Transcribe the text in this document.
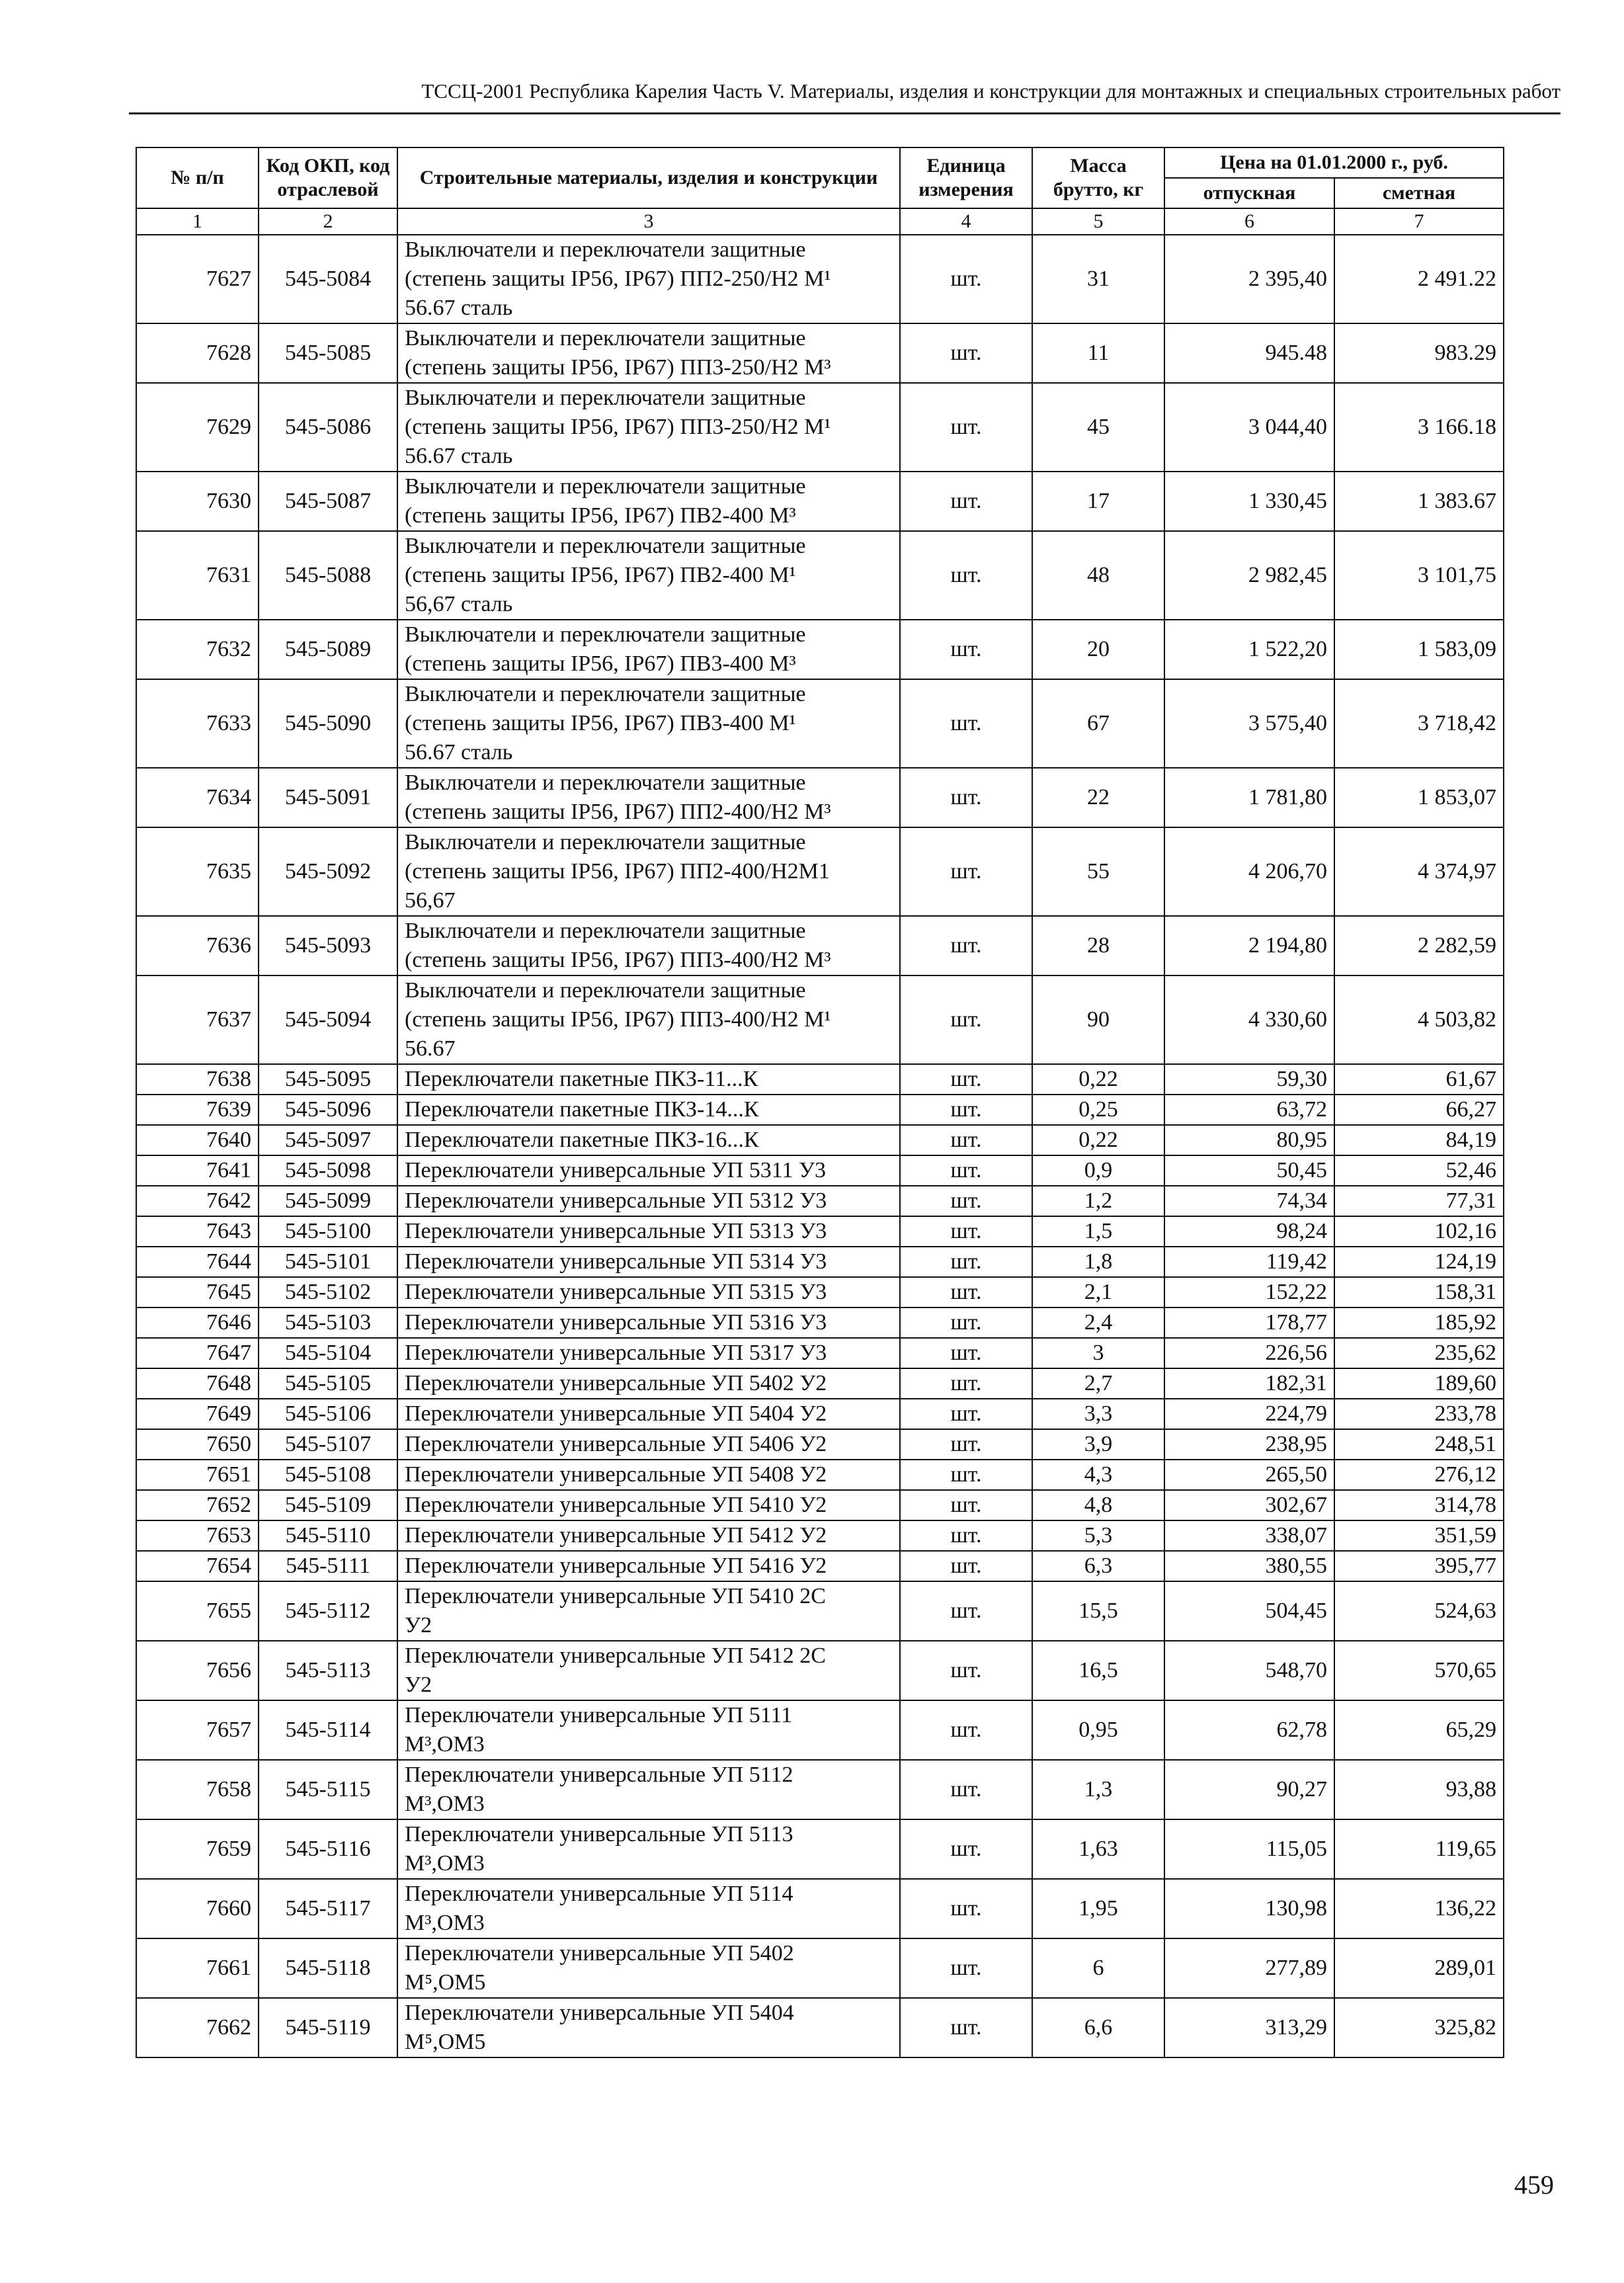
ТССЦ-2001 Республика Карелия Часть V. Материалы, изделия и конструкции для монтажных и специальных строительных работ
№ п/п	Код ОКП, код отраслевой	Строительные материалы, изделия и конструкции	Единица измерения	Масса брутто, кг	Цена на 01.01.2000 г., руб.	
					отпускная	сметная
1	2	3	4	5	6	7
7627	545-5084	Выключатели и переключатели защитные
(степень защиты IP56, IP67) ПП2-250/Н2 М¹
56.67 сталь	шт.	31	2 395,40	2 491.22
7628	545-5085	Выключатели и переключатели защитные
(степень защиты IP56, IP67) ПП3-250/Н2 М³	шт.	11	945.48	983.29
7629	545-5086	Выключатели и переключатели защитные
(степень защиты IP56, IP67) ПП3-250/Н2 М¹
56.67 сталь	шт.	45	3 044,40	3 166.18
7630	545-5087	Выключатели и переключатели защитные
(степень защиты IP56, IP67) ПВ2-400 М³	шт.	17	1 330,45	1 383.67
7631	545-5088	Выключатели и переключатели защитные
(степень защиты IP56, IP67) ПВ2-400 М¹
56,67 сталь	шт.	48	2 982,45	3 101,75
7632	545-5089	Выключатели и переключатели защитные
(степень защиты IP56, IP67) ПВ3-400 М³	шт.	20	1 522,20	1 583,09
7633	545-5090	Выключатели и переключатели защитные
(степень защиты IP56, IP67) ПВ3-400 М¹
56.67 сталь	шт.	67	3 575,40	3 718,42
7634	545-5091	Выключатели и переключатели защитные
(степень защиты IP56, IP67) ПП2-400/Н2 М³	шт.	22	1 781,80	1 853,07
7635	545-5092	Выключатели и переключатели защитные
(степень защиты IP56, IP67) ПП2-400/Н2М1
56,67	шт.	55	4 206,70	4 374,97
7636	545-5093	Выключатели и переключатели защитные
(степень защиты IP56, IP67) ПП3-400/Н2 М³	шт.	28	2 194,80	2 282,59
7637	545-5094	Выключатели и переключатели защитные
(степень защиты IP56, IP67) ПП3-400/Н2 М¹
56.67	шт.	90	4 330,60	4 503,82
7638	545-5095	Переключатели пакетные ПКЗ-11...К	шт.	0,22	59,30	61,67
7639	545-5096	Переключатели пакетные ПКЗ-14...К	шт.	0,25	63,72	66,27
7640	545-5097	Переключатели пакетные ПКЗ-16...К	шт.	0,22	80,95	84,19
7641	545-5098	Переключатели универсальные УП 5311 У3	шт.	0,9	50,45	52,46
7642	545-5099	Переключатели универсальные УП 5312 У3	шт.	1,2	74,34	77,31
7643	545-5100	Переключатели универсальные УП 5313 У3	шт.	1,5	98,24	102,16
7644	545-5101	Переключатели универсальные УП 5314 У3	шт.	1,8	119,42	124,19
7645	545-5102	Переключатели универсальные УП 5315 У3	шт.	2,1	152,22	158,31
7646	545-5103	Переключатели универсальные УП 5316 У3	шт.	2,4	178,77	185,92
7647	545-5104	Переключатели универсальные УП 5317 У3	шт.	3	226,56	235,62
7648	545-5105	Переключатели универсальные УП 5402 У2	шт.	2,7	182,31	189,60
7649	545-5106	Переключатели универсальные УП 5404 У2	шт.	3,3	224,79	233,78
7650	545-5107	Переключатели универсальные УП 5406 У2	шт.	3,9	238,95	248,51
7651	545-5108	Переключатели универсальные УП 5408 У2	шт.	4,3	265,50	276,12
7652	545-5109	Переключатели универсальные УП 5410 У2	шт.	4,8	302,67	314,78
7653	545-5110	Переключатели универсальные УП 5412 У2	шт.	5,3	338,07	351,59
7654	545-5111	Переключатели универсальные УП 5416 У2	шт.	6,3	380,55	395,77
7655	545-5112	Переключатели универсальные УП 5410 2С
У2	шт.	15,5	504,45	524,63
7656	545-5113	Переключатели универсальные УП 5412 2С
У2	шт.	16,5	548,70	570,65
7657	545-5114	Переключатели универсальные УП 5111
М³,ОМ3	шт.	0,95	62,78	65,29
7658	545-5115	Переключатели универсальные УП 5112
М³,ОМ3	шт.	1,3	90,27	93,88
7659	545-5116	Переключатели универсальные УП 5113
М³,ОМ3	шт.	1,63	115,05	119,65
7660	545-5117	Переключатели универсальные УП 5114
М³,ОМ3	шт.	1,95	130,98	136,22
7661	545-5118	Переключатели универсальные УП 5402
М⁵,ОМ5	шт.	6	277,89	289,01
7662	545-5119	Переключатели универсальные УП 5404
М⁵,ОМ5	шт.	6,6	313,29	325,82
459
